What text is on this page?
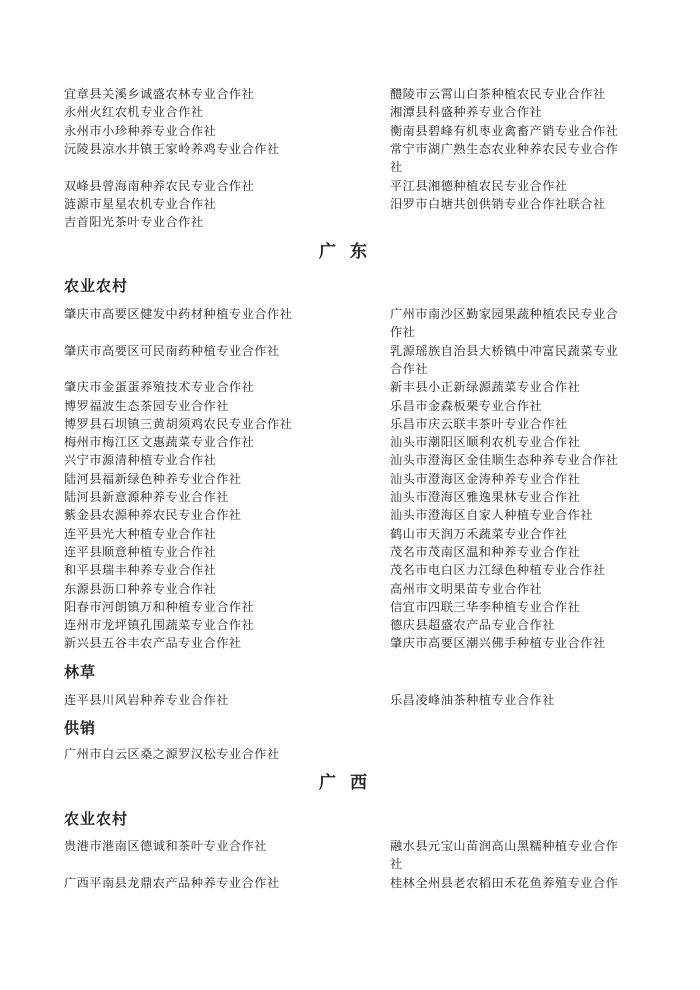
宜章县关溪乡诚盛农林专业合作社	醴陵市云霄山白茶种植农民专业合作社
永州火红农机专业合作社	湘潭县科盛种养专业合作社
永州市小珍种养专业合作社	衡南县碧峰有机枣业禽畜产销专业合作社
沅陵县凉水井镇王家岭养鸡专业合作社	常宁市湖广熟生态农业种养农民专业合作
社
双峰县曾海南种养农民专业合作社	平江县湘德种植农民专业合作社
涟源市星星农机专业合作社	汨罗市白塘共创供销专业合作社联合社
吉首阳光茶叶专业合作社
广东
农业农村
肇庆市高要区健发中药材种植专业合作社	广州市南沙区勤家园果蔬种植农民专业合
作社
肇庆市高要区可民南药种植专业合作社	乳源瑶族自治县大桥镇中冲富民蔬菜专业
合作社
肇庆市金蛋蛋养殖技术专业合作社	新丰县小正新绿源蔬菜专业合作社
博罗福波生态茶园专业合作社	乐昌市金森板栗专业合作社
博罗县石坝镇三黄胡须鸡农民专业合作社	乐昌市庆云联丰茶叶专业合作社
梅州市梅江区文惠蔬菜专业合作社	汕头市潮阳区顺利农机专业合作社
兴宁市源清种植专业合作社	汕头市澄海区金佳顺生态种养专业合作社
陆河县福新绿色种养专业合作社	汕头市澄海区金涛种养专业合作社
陆河县新意源种养专业合作社	汕头市澄海区雅逸果林专业合作社
紫金县农源种养农民专业合作社	汕头市澄海区自家人种植专业合作社
连平县光大种植专业合作社	鹤山市天润万禾蔬菜专业合作社
连平县顺意种植专业合作社	茂名市茂南区温和种养专业合作社
和平县瑞丰种养专业合作社	茂名市电白区力江绿色种植专业合作社
东源县沥口种养专业合作社	高州市文明果苗专业合作社
阳春市河朗镇万和种植专业合作社	信宜市四联三华李种植专业合作社
连州市龙坪镇孔围蔬菜专业合作社	德庆县超盛农产品专业合作社
新兴县五谷丰农产品专业合作社	肇庆市高要区潮兴佛手种植专业合作社
林草
连平县川风岩种养专业合作社	乐昌凌峰油茶种植专业合作社
供销
广州市白云区桑之源罗汉松专业合作社
广西
农业农村
贵港市港南区德诚和茶叶专业合作社	融水县元宝山苗润高山黑糯种植专业合作
社
广西平南县龙鼎农产品种养专业合作社	桂林全州县老农稻田禾花鱼养殖专业合作
